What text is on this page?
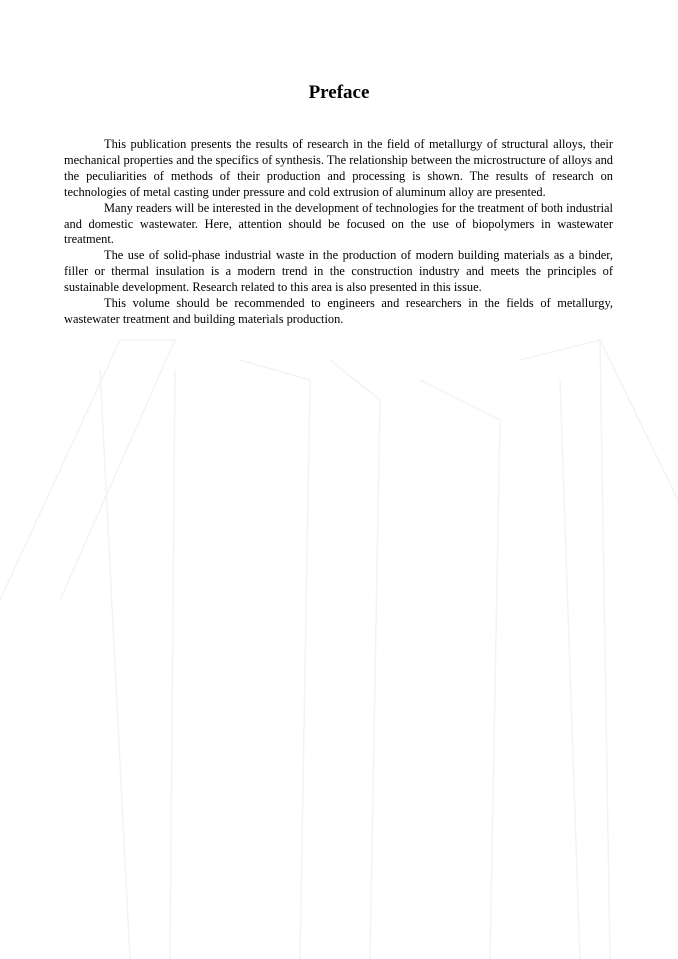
Preface

This publication presents the results of research in the field of metallurgy of structural alloys, their mechanical properties and the specifics of synthesis. The relationship between the microstructure of alloys and the peculiarities of methods of their production and processing is shown. The results of research on technologies of metal casting under pressure and cold extrusion of aluminum alloy are presented.

Many readers will be interested in the development of technologies for the treatment of both industrial and domestic wastewater. Here, attention should be focused on the use of biopolymers in wastewater treatment.

The use of solid-phase industrial waste in the production of modern building materials as a binder, filler or thermal insulation is a modern trend in the construction industry and meets the principles of sustainable development. Research related to this area is also presented in this issue.

This volume should be recommended to engineers and researchers in the fields of metallurgy, wastewater treatment and building materials production.
